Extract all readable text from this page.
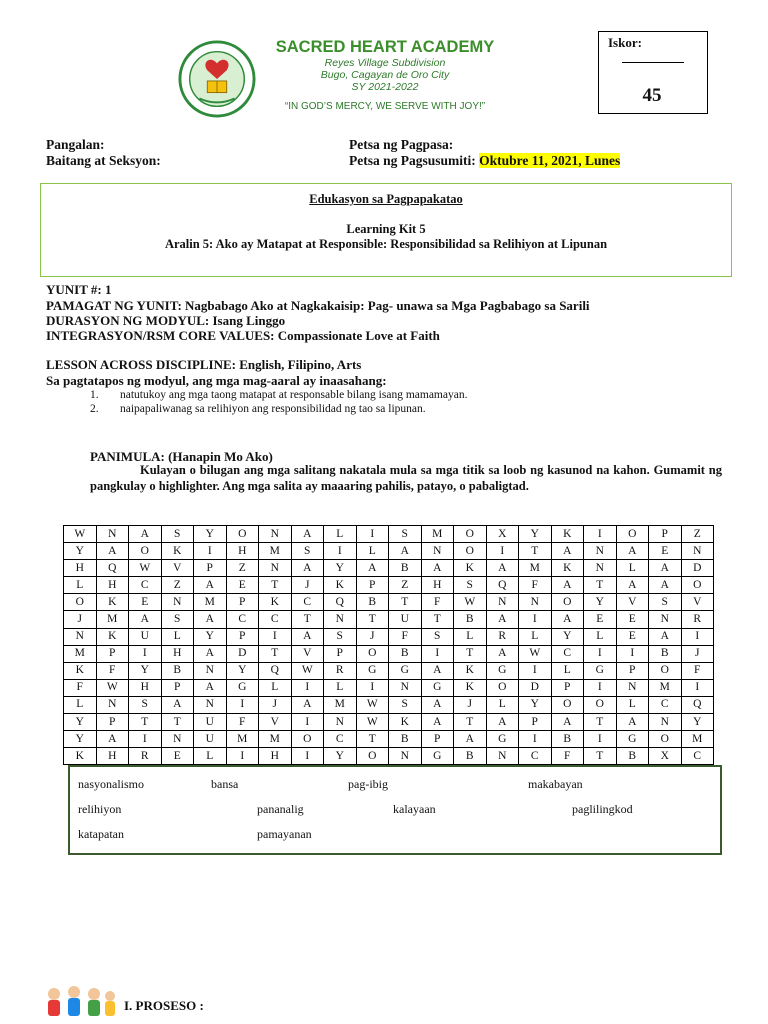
SACRED HEART ACADEMY
Reyes Village Subdivision
Bugo, Cagayan de Oro City
SY 2021-2022
“IN GOD’S MERCY, WE SERVE WITH JOY!”
Iskor:
45
Pangalan:
Baitang at Seksyon:
Petsa ng Pagpasa:
Petsa ng Pagsusumiti: Oktubre 11, 2021, Lunes
Edukasyon sa Pagpapakatao
Learning Kit 5
Aralin 5: Ako ay Matapat at Responsible: Responsibilidad sa Relihiyon at Lipunan
YUNIT #: 1
PAMAGAT NG YUNIT: Nagbabago Ako at Nagkakaisip: Pag- unawa sa Mga Pagbabago sa Sarili
DURASYON NG MODYUL: Isang Linggo
INTEGRASYON/RSM CORE VALUES: Compassionate Love at Faith
LESSON ACROSS DISCIPLINE: English, Filipino, Arts
Sa pagtatapos ng modyul, ang mga mag-aaral ay inaasahang:
1. natutukoy ang mga taong matapat at responsable bilang isang mamamayan.
2. naipapaliwanag sa relihiyon ang responsibilidad ng tao sa lipunan.
PANIMULA: (Hanapin Mo Ako)
Kulayan o bilugan ang mga salitang nakatala mula sa mga titik sa loob ng kasunod na kahon. Gumamit ng pangkulay o highlighter. Ang mga salita ay maaaring pahilis, patayo, o pabaligtad.
W	N	A	S	Y	O	N	A	L	I	S	M	O	X	Y	K	I	O	P	Z
Y	A	O	K	I	H	M	S	I	L	A	N	O	I	T	A	N	A	E	N
H	Q	W	V	P	Z	N	A	Y	A	B	A	K	A	M	K	N	L	A	D
L	H	C	Z	A	E	T	J	K	P	Z	H	S	Q	F	A	T	A	A	O
O	K	E	N	M	P	K	C	Q	B	T	F	W	N	N	O	Y	V	S	V
J	M	A	S	A	C	C	T	N	T	U	T	B	A	I	A	E	E	N	R
N	K	U	L	Y	P	I	A	S	J	F	S	L	R	L	Y	L	E	A	I
M	P	I	H	A	D	T	V	P	O	B	I	T	A	W	C	I	I	B	J
K	F	Y	B	N	Y	Q	W	R	G	G	A	K	G	I	L	G	P	O	F
F	W	H	P	A	G	L	I	L	I	N	G	K	O	D	P	I	N	M	I
L	N	S	A	N	I	J	A	M	W	S	A	J	L	Y	O	O	L	C	Q
Y	P	T	T	U	F	V	I	N	W	K	A	T	A	P	A	T	A	N	Y
Y	A	I	N	U	M	M	O	C	T	B	P	A	G	I	B	I	G	O	M
K	H	R	E	L	I	H	I	Y	O	N	G	B	N	C	F	T	B	X	C
nasyonalismo	bansa	pag-ibig	makabayan
relihiyon	pananalig	kalayaan	paglilingkod
katapatan	pamayanan
I. PROSESO :
